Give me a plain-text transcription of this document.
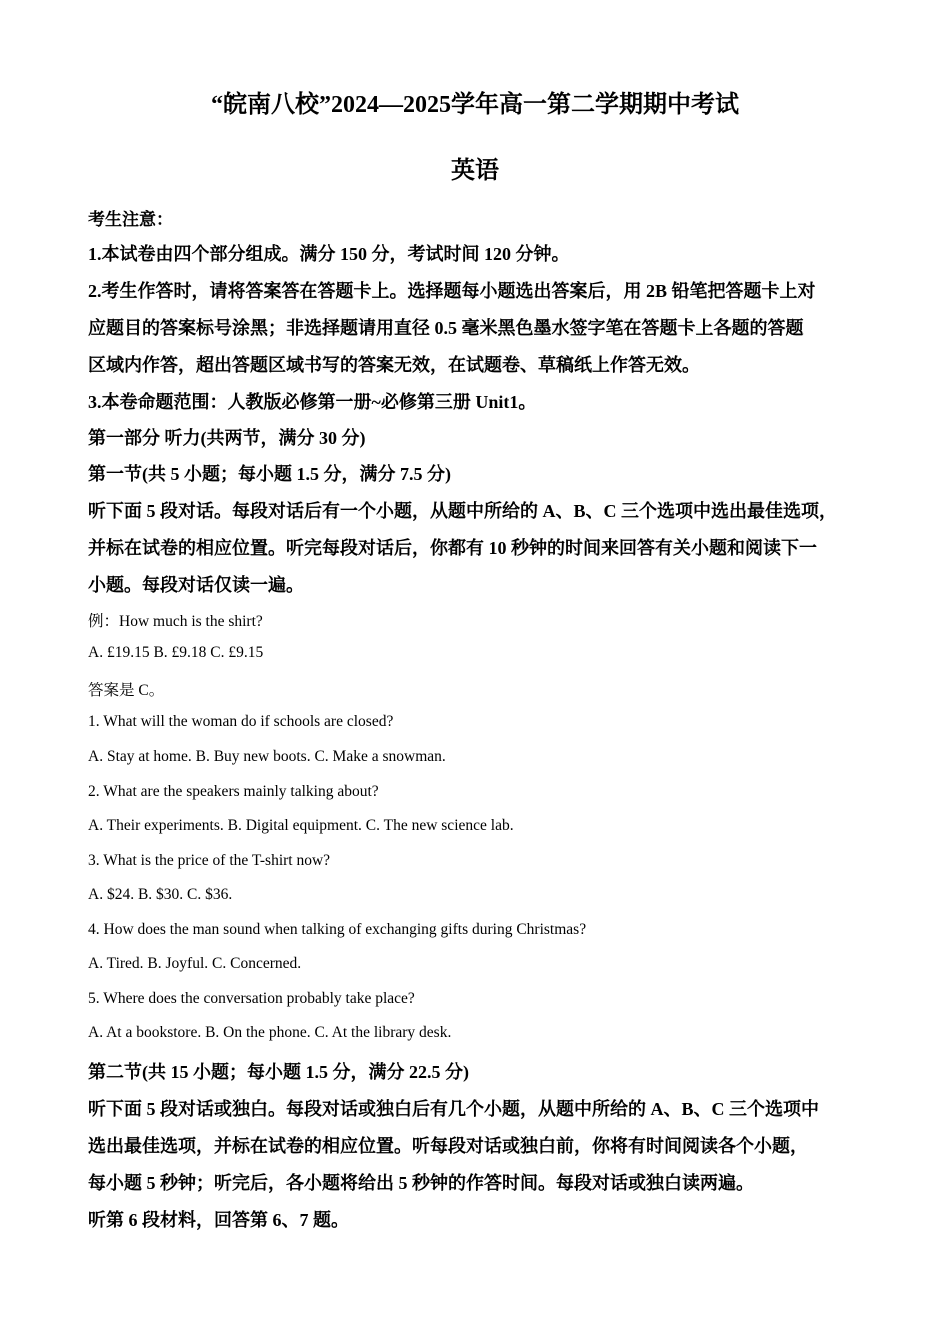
“皖南八校”2024—2025学年高一第二学期期中考试
英语
考生注意：
1.本试卷由四个部分组成。满分 150 分，考试时间 120 分钟。
2.考生作答时，请将答案答在答题卡上。选择题每小题选出答案后，用 2B 铅笔把答题卡上对
应题目的答案标号涂黑；非选择题请用直径 0.5 毫米黑色墨水签字笔在答题卡上各题的答题
区域内作答，超出答题区域书写的答案无效，在试题卷、草稿纸上作答无效。
3.本卷命题范围：人教版必修第一册~必修第三册 Unit1。
第一部分 听力(共两节，满分 30 分)
第一节(共 5 小题；每小题 1.5 分，满分 7.5 分)
听下面 5 段对话。每段对话后有一个小题，从题中所给的 A、B、C 三个选项中选出最佳选项，
并标在试卷的相应位置。听完每段对话后，你都有 10 秒钟的时间来回答有关小题和阅读下一
小题。每段对话仅读一遍。
例：How much is the shirt?
A. £19.15 B. £9.18 C. £9.15
答案是 C。
1. What will the woman do if schools are closed?
A. Stay at home. B. Buy new boots. C. Make a snowman.
2. What are the speakers mainly talking about?
A. Their experiments. B. Digital equipment. C. The new science lab.
3. What is the price of the T-shirt now?
A. $24. B. $30. C. $36.
4. How does the man sound when talking of exchanging gifts during Christmas?
A. Tired. B. Joyful. C. Concerned.
5. Where does the conversation probably take place?
A. At a bookstore. B. On the phone. C. At the library desk.
第二节(共 15 小题；每小题 1.5 分，满分 22.5 分)
听下面 5 段对话或独白。每段对话或独白后有几个小题，从题中所给的 A、B、C 三个选项中
选出最佳选项，并标在试卷的相应位置。听每段对话或独白前，你将有时间阅读各个小题，
每小题 5 秒钟；听完后，各小题将给出 5 秒钟的作答时间。每段对话或独白读两遍。
听第 6 段材料，回答第 6、7 题。
